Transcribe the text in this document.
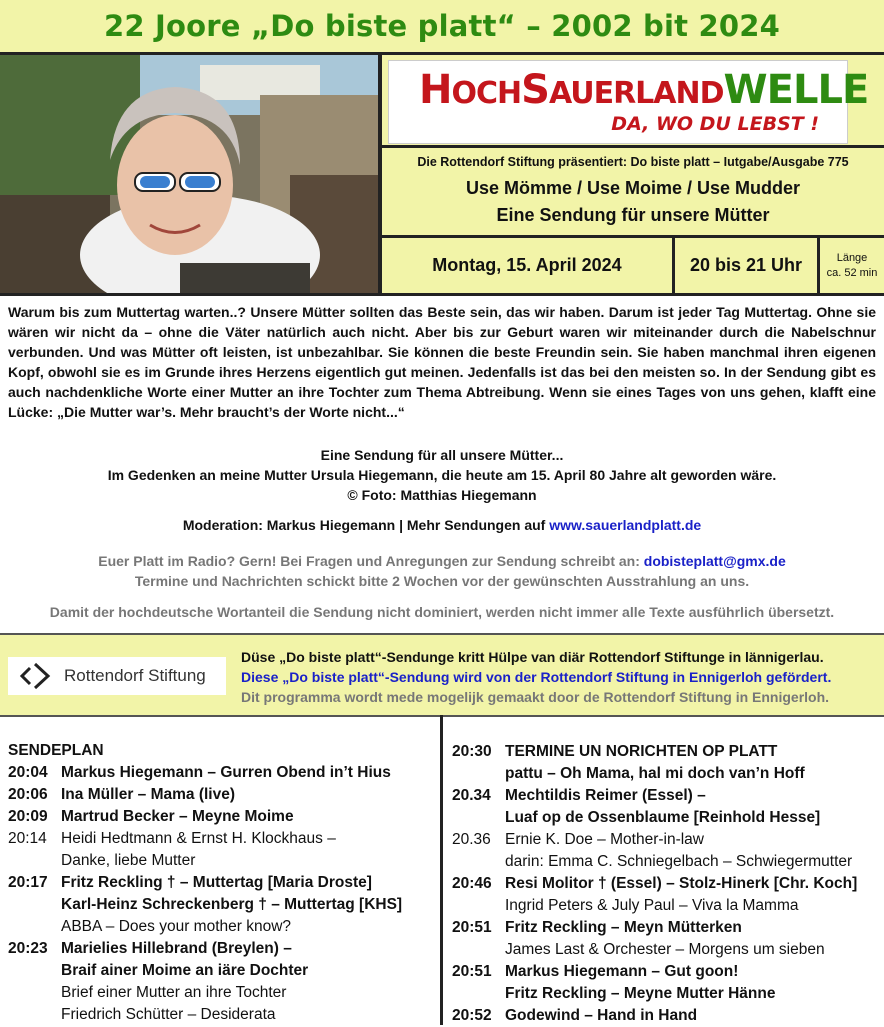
22 Joore „Do biste platt“ – 2002 bit 2024
HOCHSAUERLANDWELLE
DA, WO DU LEBST !
Die Rottendorf Stiftung präsentiert: Do biste platt – Iutgabe/Ausgabe 775
Use Mömme / Use Moime / Use Mudder
Eine Sendung für unsere Mütter
Montag, 15. April 2024	20 bis 21 Uhr	Länge
ca. 52 min
Warum bis zum Muttertag warten..? Unsere Mütter sollten das Beste sein, das wir haben. Darum ist jeder Tag Muttertag. Ohne sie wären wir nicht da – ohne die Väter natürlich auch nicht. Aber bis zur Geburt waren wir miteinander durch die Nabelschnur verbunden. Und was Mütter oft leisten, ist unbezahlbar. Sie können die beste Freundin sein. Sie haben manchmal ihren eigenen Kopf, obwohl sie es im Grunde ihres Herzens eigentlich gut meinen. Jedenfalls ist das bei den meisten so. In der Sendung gibt es auch nachdenkliche Worte einer Mutter an ihre Tochter zum Thema Abtreibung. Wenn sie eines Tages von uns gehen, klafft eine Lücke: „Die Mutter war’s. Mehr braucht’s der Worte nicht...“
Eine Sendung für all unsere Mütter...
Im Gedenken an meine Mutter Ursula Hiegemann, die heute am 15. April 80 Jahre alt geworden wäre.
© Foto: Matthias Hiegemann
Moderation: Markus Hiegemann | Mehr Sendungen auf www.sauerlandplatt.de
Euer Platt im Radio? Gern! Bei Fragen und Anregungen zur Sendung schreibt an: dobisteplatt@gmx.de
Termine und Nachrichten schickt bitte 2 Wochen vor der gewünschten Ausstrahlung an uns.
Damit der hochdeutsche Wortanteil die Sendung nicht dominiert, werden nicht immer alle Texte ausführlich übersetzt.
Rottendorf Stiftung
Düse „Do biste platt“-Sendunge kritt Hülpe van diär Rottendorf Stiftunge in lännigerlau.
Diese „Do biste platt“-Sendung wird von der Rottendorf Stiftung in Ennigerloh gefördert.
Dit programma wordt mede mogelijk gemaakt door de Rottendorf Stiftung in Ennigerloh.
SENDEPLAN
20:04 Markus Hiegemann – Gurren Obend in’t Hius
20:06 Ina Müller – Mama (live)
20:09 Martrud Becker – Meyne Moime
20:14 Heidi Hedtmann & Ernst H. Klockhaus –
Danke, liebe Mutter
20:17 Fritz Reckling † – Muttertag [Maria Droste]
Karl-Heinz Schreckenberg † – Muttertag [KHS]
ABBA – Does your mother know?
20:23 Marielies Hillebrand (Breylen) –
Braif ainer Moime an iäre Dochter
Brief einer Mutter an ihre Tochter
Friedrich Schütter – Desiderata
20:30 TERMINE UN NORICHTEN OP PLATT
pattu – Oh Mama, hal mi doch van’n Hoff
20.34 Mechtildis Reimer (Essel) –
Luaf op de Ossenblaume [Reinhold Hesse]
20.36 Ernie K. Doe – Mother-in-law
darin: Emma C. Schniegelbach – Schwiegermutter
20:46 Resi Molitor † (Essel) – Stolz-Hinerk [Chr. Koch]
Ingrid Peters & July Paul – Viva la Mamma
20:51 Fritz Reckling – Meyn Mütterken
James Last & Orchester – Morgens um sieben
20:51 Markus Hiegemann – Gut goon!
Fritz Reckling – Meyne Mutter Hänne
20:52 Godewind – Hand in Hand
